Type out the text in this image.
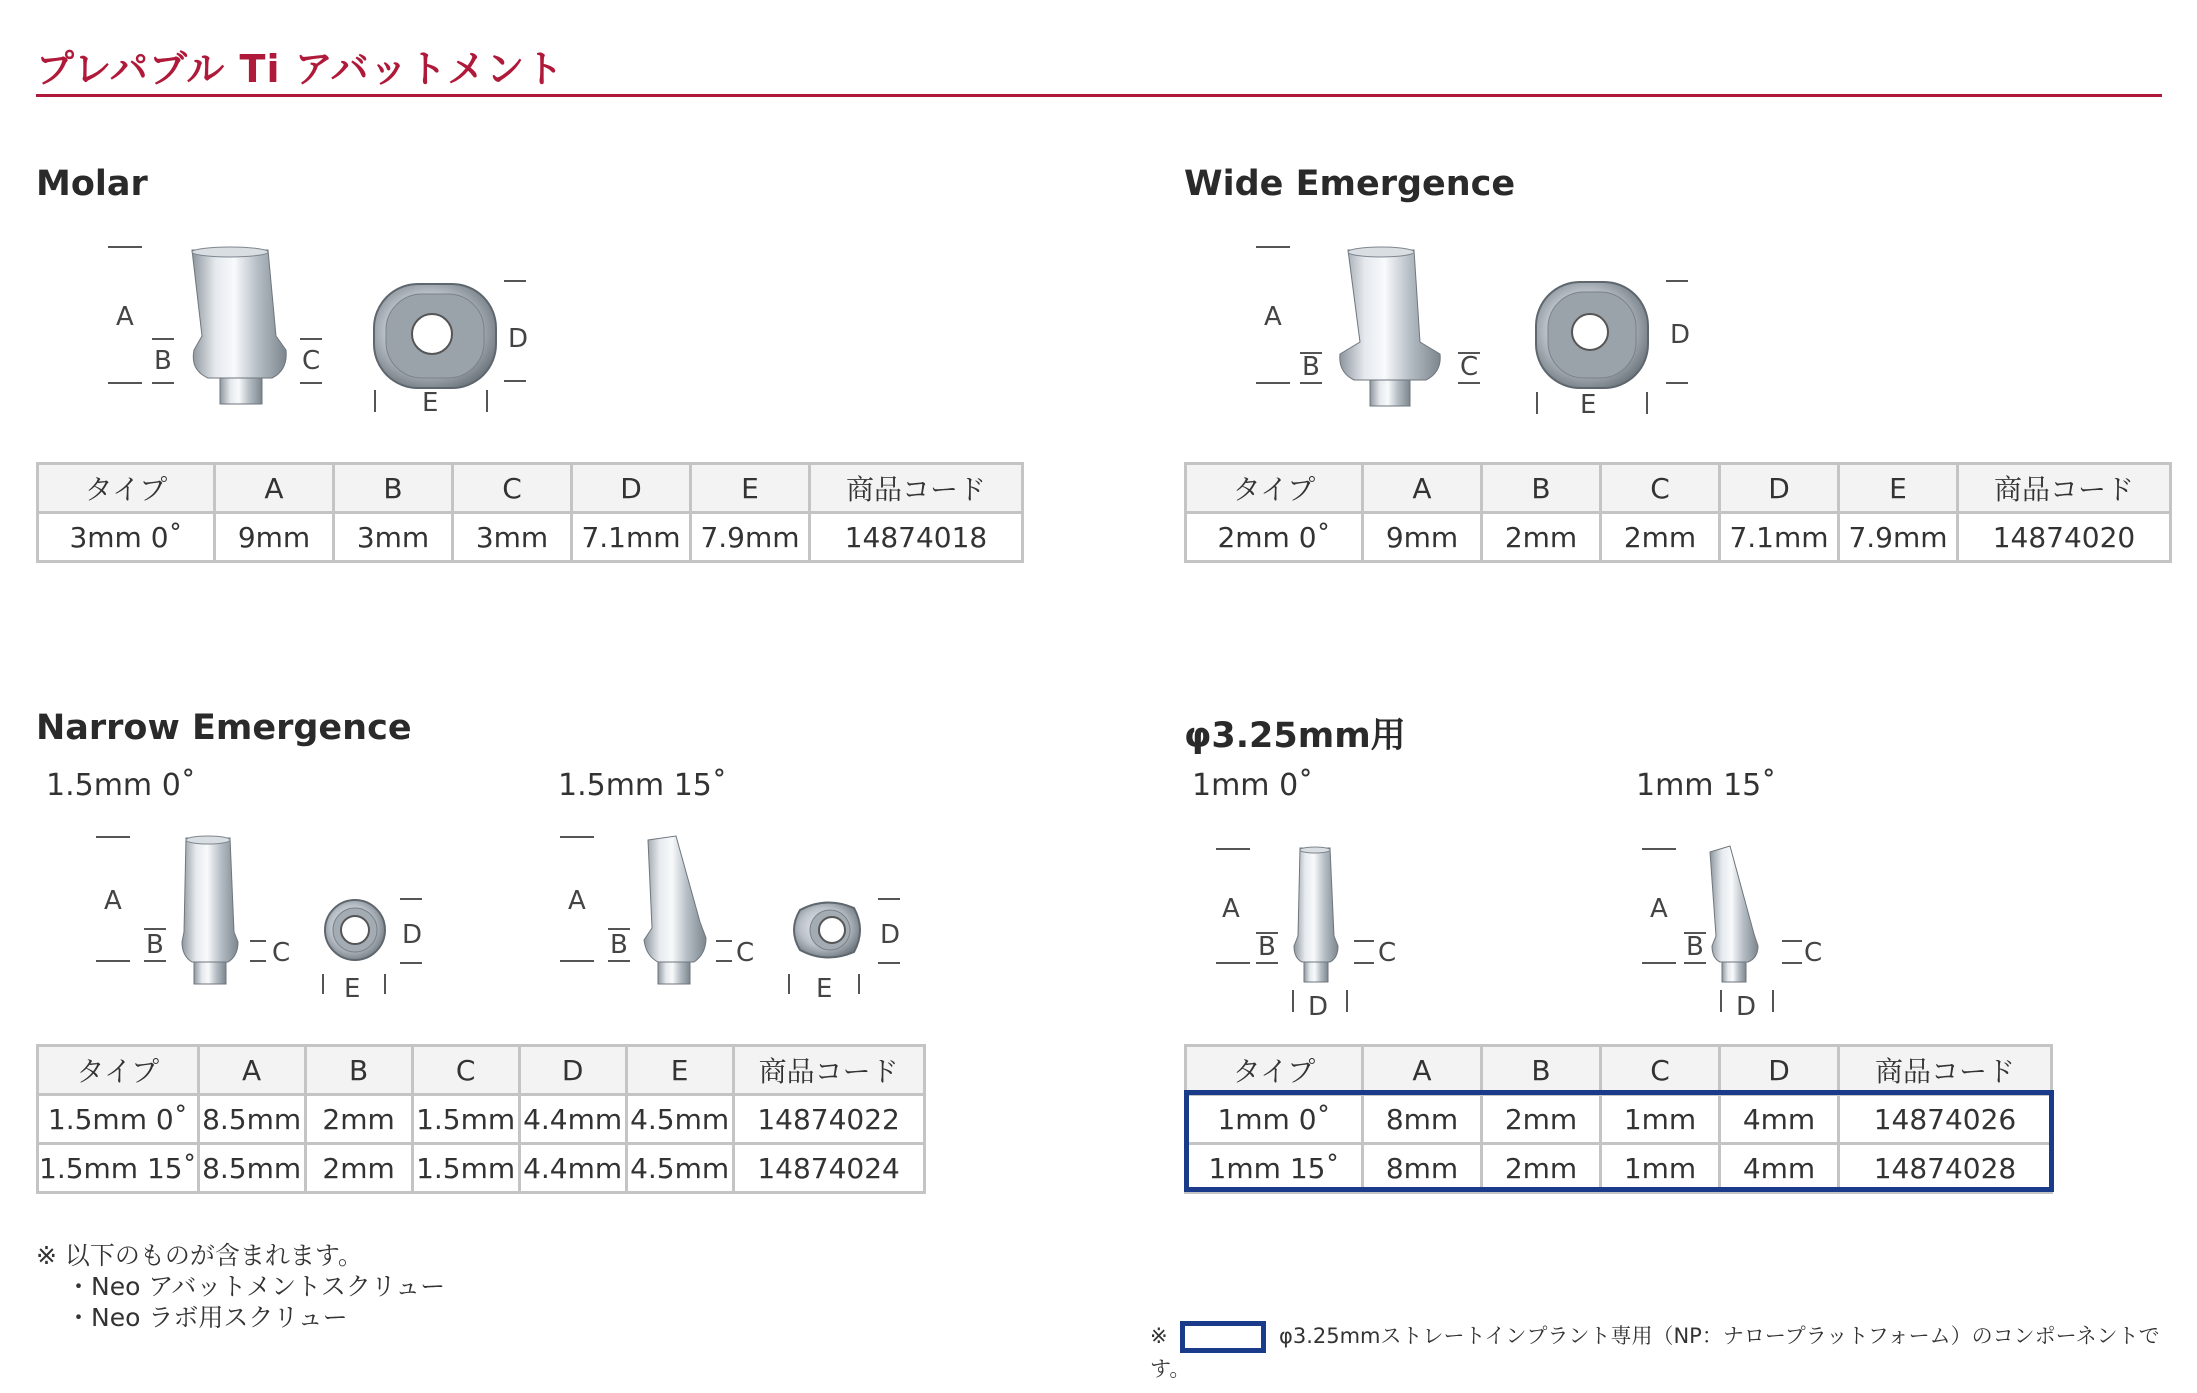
プレパブル Ti アバットメント
Molar
A
B	C
D
E
タイプ	A	B	C	D	E	商品コード
3mm 0˚	9mm	3mm	3mm	7.1mm	7.9mm	14874018
Wide Emergence
A
B	C
D
E
タイプ	A	B	C	D	E	商品コード
2mm 0˚	9mm	2mm	2mm	7.1mm	7.9mm	14874020
Narrow Emergence
1.5mm 0˚	1.5mm 15˚
A
B	C
D
E
A
B	C
D
E
タイプ	A	B	C	D	E	商品コード
1.5mm 0˚	8.5mm	2mm	1.5mm	4.4mm	4.5mm	14874022
1.5mm 15˚	8.5mm	2mm	1.5mm	4.4mm	4.5mm	14874024
φ3.25mm用
1mm 0˚	1mm 15˚
A
B	C
D
A
B	C
D
タイプ	A	B	C	D	商品コード
1mm 0˚	8mm	2mm	1mm	4mm	14874026
1mm 15˚	8mm	2mm	1mm	4mm	14874028
※ 以下のものが含まれます。
・Neo アバットメントスクリュー
・Neo ラボ用スクリュー
※	φ3.25mmストレートインプラント専用（NP：ナロープラットフォーム）のコンポーネントです。
